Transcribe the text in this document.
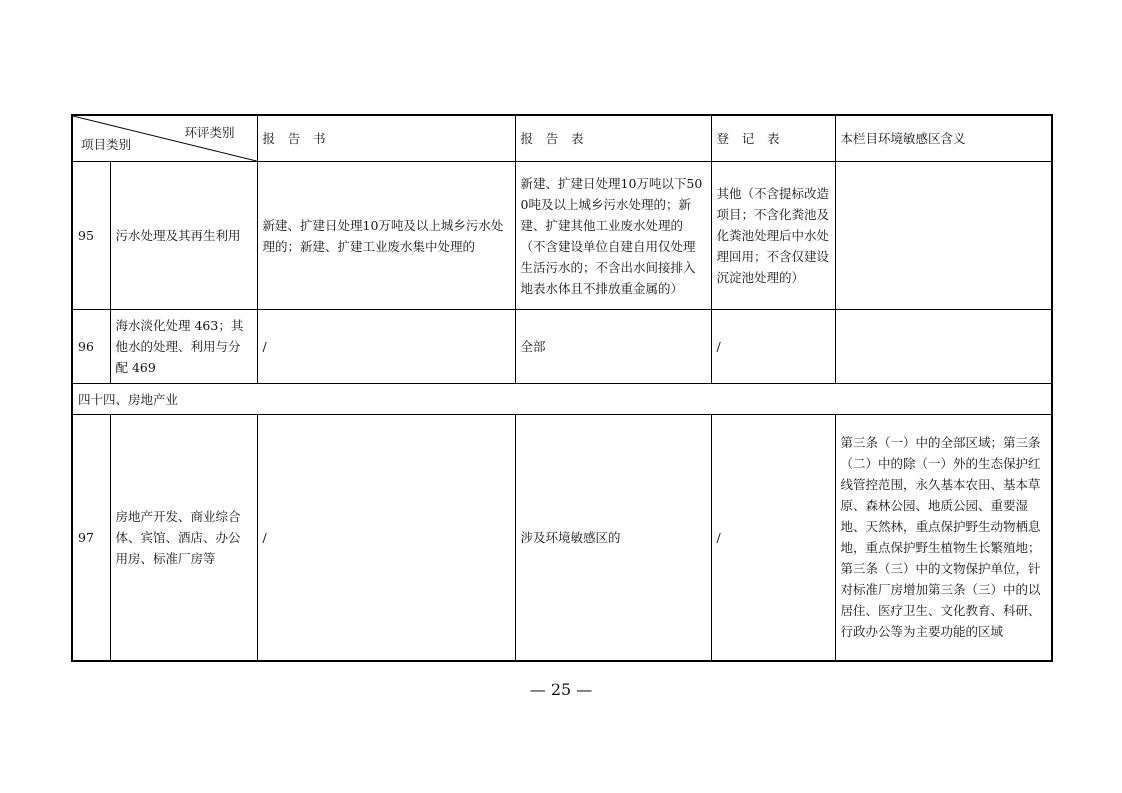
环评类别
项目类别		报 告 书	报 告 表	登 记 表	本栏目环境敏感区含义
95	污水处理及其再生利用	新建、扩建日处理10万吨及以上城乡污水处理的；新建、扩建工业废水集中处理的	新建、扩建日处理10万吨以下500吨及以上城乡污水处理的；新建、扩建其他工业废水处理的（不含建设单位自建自用仅处理生活污水的；不含出水间接排入地表水体且不排放重金属的）	其他（不含提标改造项目；不含化粪池及化粪池处理后中水处理回用；不含仅建设沉淀池处理的）	
96	海水淡化处理 463；其他水的处理、利用与分配 469	/	全部	/	
四十四、房地产业					
97	房地产开发、商业综合体、宾馆、酒店、办公用房、标准厂房等	/	涉及环境敏感区的	/	第三条（一）中的全部区域；第三条（二）中的除（一）外的生态保护红线管控范围，永久基本农田、基本草原、森林公园、地质公园、重要湿地、天然林，重点保护野生动物栖息地，重点保护野生植物生长繁殖地；第三条（三）中的文物保护单位，针对标准厂房增加第三条（三）中的以居住、医疗卫生、文化教育、科研、行政办公等为主要功能的区域
— 25 —
